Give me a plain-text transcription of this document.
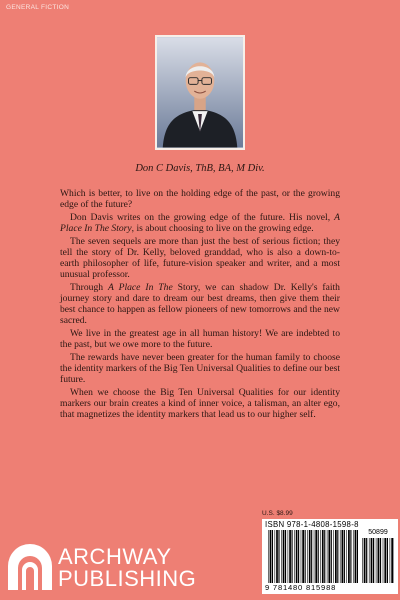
GENERAL FICTION
Don C Davis, ThB, BA, M Div.

Which is better, to live on the holding edge of the past, or the growing edge of the future?

Don Davis writes on the growing edge of the future. His novel, A Place In The Story, is about choosing to live on the growing edge.

The seven sequels are more than just the best of serious fiction; they tell the story of Dr. Kelly, beloved granddad, who is also a down-to-earth philosopher of life, future-vision speaker and writer, and a most unusual professor.

Through A Place In The Story, we can shadow Dr. Kelly's faith journey story and dare to dream our best dreams, then give them their best chance to happen as fellow pioneers of new tomorrows and the new sacred.

We live in the greatest age in all human history! We are indebted to the past, but we owe more to the future.

The rewards have never been greater for the human family to choose the identity markers of the Big Ten Universal Qualities to define our best future.

When we choose the Big Ten Universal Qualities for our identity markers our brain creates a kind of inner voice, a talisman, an alter ego, that magnetizes the identity markers that lead us to our higher self.

ARCHWAY
PUBLISHING
U.S. $8.99
ISBN 978-1-4808-1598-8
50899
9 781480 815988
